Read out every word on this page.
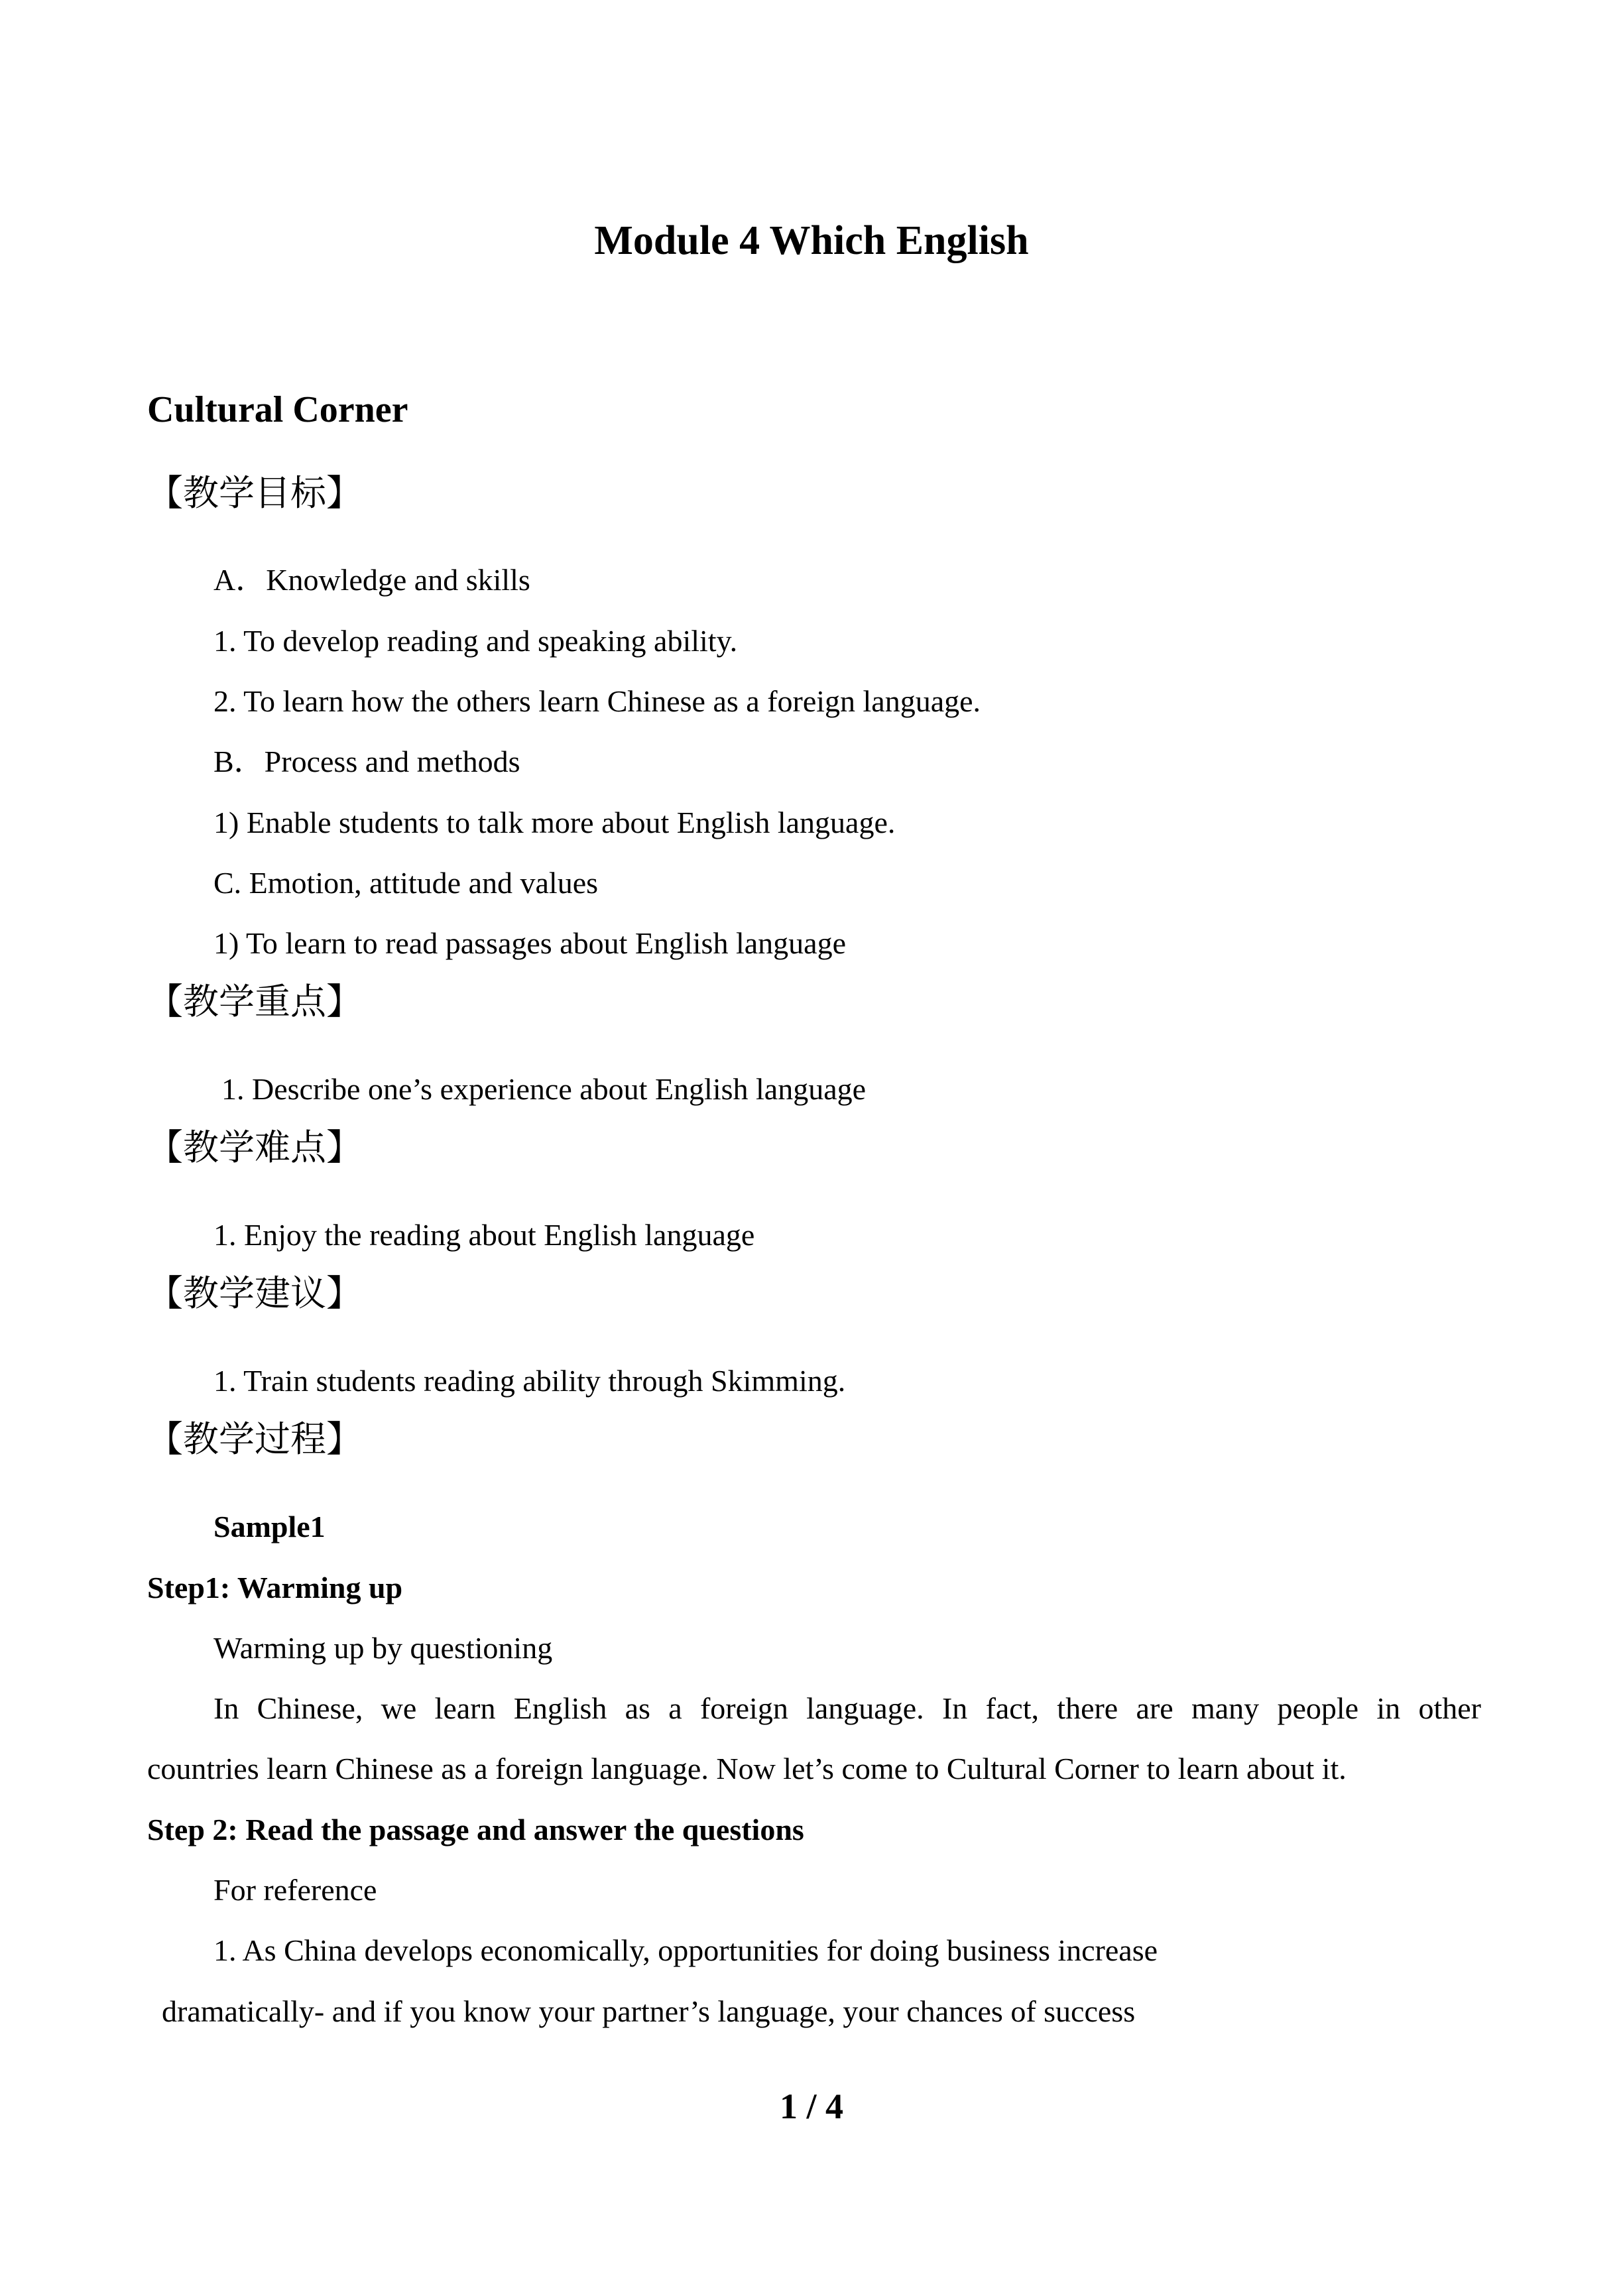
Module 4 Which English
Cultural Corner
【教学目标】
A．Knowledge and skills
1. To develop reading and speaking ability.
2. To learn how the others learn Chinese as a foreign language.
B．Process and methods
1) Enable students to talk more about English language.
C. Emotion, attitude and values
1) To learn to read passages about English language
【教学重点】
1. Describe one’s experience about English language
【教学难点】
1. Enjoy the reading about English language
【教学建议】
1. Train students reading ability through Skimming.
【教学过程】
Sample1
Step1: Warming up
Warming up by questioning
In Chinese, we learn English as a foreign language. In fact, there are many people in other
countries learn Chinese as a foreign language. Now let’s come to Cultural Corner to learn about it.
Step 2: Read the passage and answer the questions
For reference
1. As China develops economically, opportunities for doing business increase
dramatically- and if you know your partner’s language, your chances of success
1 / 4
